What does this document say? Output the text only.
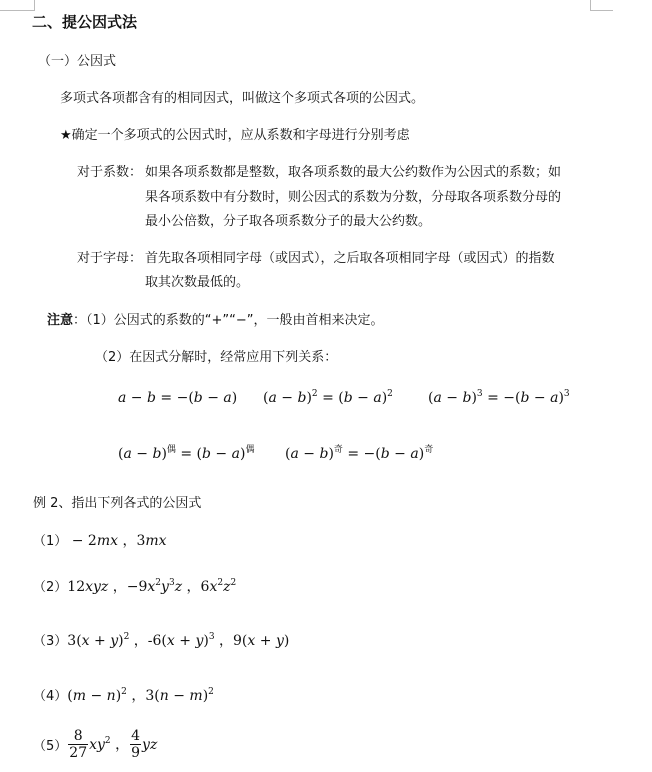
二、提公因式法
（一）公因式
多项式各项都含有的相同因式，叫做这个多项式各项的公因式。
★确定一个多项式的公因式时，应从系数和字母进行分别考虑
对于系数： 如果各项系数都是整数，取各项系数的最大公约数作为公因式的系数；如
果各项系数中有分数时，则公因式的系数为分数，分母取各项系数分母的
最小公倍数，分子取各项系数分子的最大公约数。
对于字母： 首先取各项相同字母（或因式），之后取各项相同字母（或因式）的指数
取其次数最低的。
注意：（1）公因式的系数的“+”“−”，一般由首相来决定。
（2）在因式分解时，经常应用下列关系：
a − b = −(b − a) $(a - b)^2 = (b - a)^2$	$(a - b)^3 = -(b - a)^3$
$(a - b)^偶 = (b - a)^偶$ $(a - b)^奇 = -(b - a)^奇$
例 2、指出下列各式的公因式
（1） − 2mx ，3mx
（2）12xyz ，$-9x^2y^3z$ ，$6x^2z^2$
$(3)3(x + y)^2$ ，$-6(x + y)^3$ ，9(x + y)
$(4)(m - n)^2$ ，$3(n - m)^2$
$(5) \frac{8}{27} xy^2$ ， $\frac{4}{9}$ yz
